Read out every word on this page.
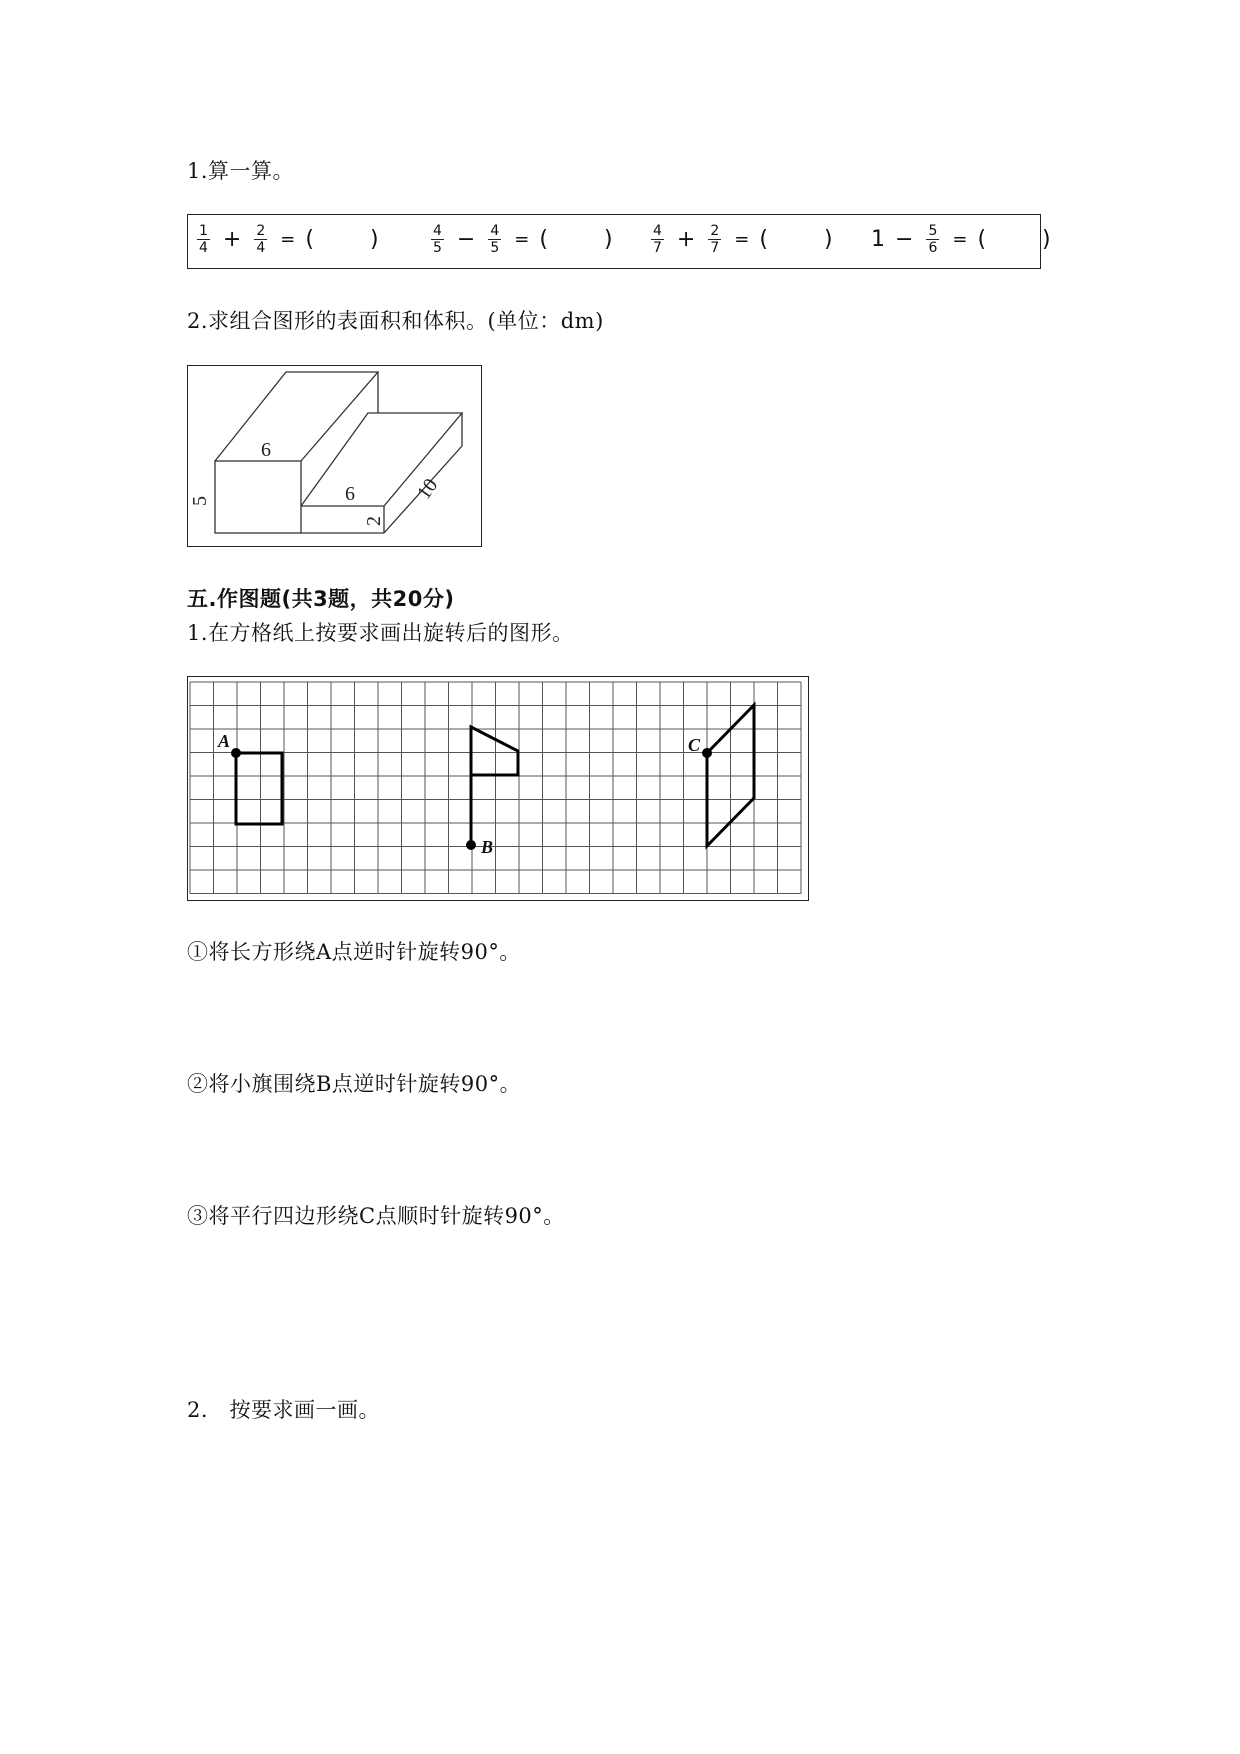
1.算一算。
$\frac{1}{4} + \frac{2}{4}$ = (	)	$\frac{4}{5} - \frac{4}{5}$ = (	)	$\frac{4}{7} + \frac{2}{7}$ = (	) $1 - \frac{5}{6}$ = (	)
2.求组合图形的表面积和体积。(单位：dm)
6
6
2
5	10
五.作图题(共3题，共20分)
1.在方格纸上按要求画出旋转后的图形。
A
B
C
①将长方形绕A点逆时针旋转90°。
②将小旗围绕B点逆时针旋转90°。
③将平行四边形绕C点顺时针旋转90°。
2.　按要求画一画。
